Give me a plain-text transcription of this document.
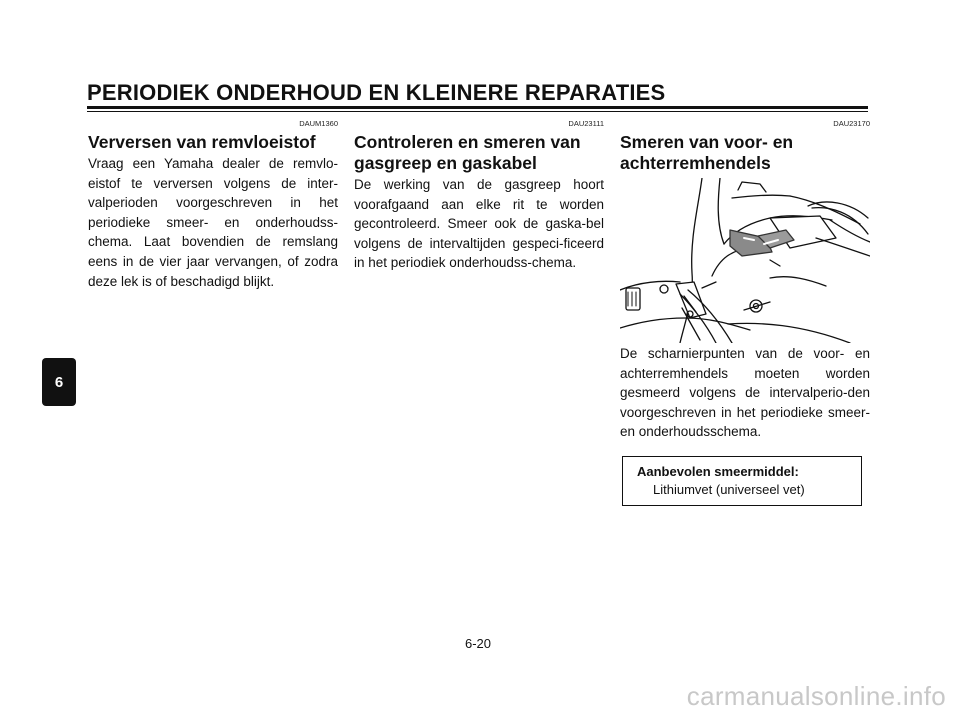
PERIODIEK ONDERHOUD EN KLEINERE REPARATIES
6
DAUM1360
Verversen van remvloeistof
Vraag een Yamaha dealer de remvlo-eistof te verversen volgens de inter-valperioden voorgeschreven in het periodieke smeer- en onderhoudss-chema. Laat bovendien de remslang eens in de vier jaar vervangen, of zodra deze lek is of beschadigd blijkt.
DAU23111
Controleren en smeren van gasgreep en gaskabel
De werking van de gasgreep hoort voorafgaand aan elke rit te worden gecontroleerd. Smeer ook de gaska-bel volgens de intervaltijden gespeci-ficeerd in het periodiek onderhoudss-chema.
DAU23170
Smeren van voor- en achterremhendels
De scharnierpunten van de voor- en achterremhendels moeten worden gesmeerd volgens de intervalperio-den voorgeschreven in het periodieke smeer- en onderhoudsschema.
Aanbevolen smeermiddel:
Lithiumvet (universeel vet)
6-20
carmanualsonline.info
